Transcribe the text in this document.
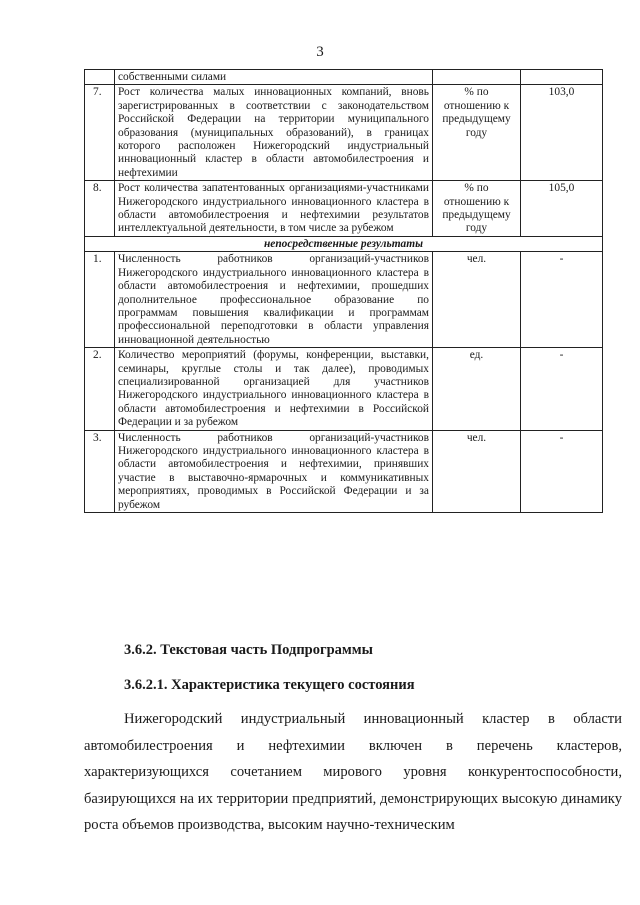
3
	собственными силами		
7.	Рост количества малых инновационных компаний, вновь зарегистрированных в соответствии с законодательством Российской Федерации на территории муниципального образования (муниципальных образований), в границах которого расположен Нижегородский индустриальный инновационный кластер в области автомобилестроения и нефтехимии	% по отношению к предыдущему году	103,0
8.	Рост количества запатентованных организациями-участниками Нижегородского индустриального инновационного кластера в области автомобилестроения и нефтехимии результатов интеллектуальной деятельности, в том числе за рубежом	% по отношению к предыдущему году	105,0
непосредственные результаты			
1.	Численность работников организаций-участников Нижегородского индустриального инновационного кластера в области автомобилестроения и нефтехимии, прошедших дополнительное профессиональное образование по программам повышения квалификации и программам профессиональной переподготовки в области управления инновационной деятельностью	чел.	-
2.	Количество мероприятий (форумы, конференции, выставки, семинары, круглые столы и так далее), проводимых специализированной организацией для участников Нижегородского индустриального инновационного кластера в области автомобилестроения и нефтехимии в Российской Федерации и за рубежом	ед.	-
3.	Численность работников организаций-участников Нижегородского индустриального инновационного кластера в области автомобилестроения и нефтехимии, принявших участие в выставочно-ярмарочных и коммуникативных мероприятиях, проводимых в Российской Федерации и за рубежом	чел.	-
3.6.2. Текстовая часть Подпрограммы
3.6.2.1. Характеристика текущего состояния

Нижегородский индустриальный инновационный кластер в области автомобилестроения и нефтехимии включен в перечень кластеров, характеризующихся сочетанием мирового уровня конкурентоспособности, базирующихся на их территории предприятий, демонстрирующих высокую динамику роста объемов производства, высоким научно-техническим
